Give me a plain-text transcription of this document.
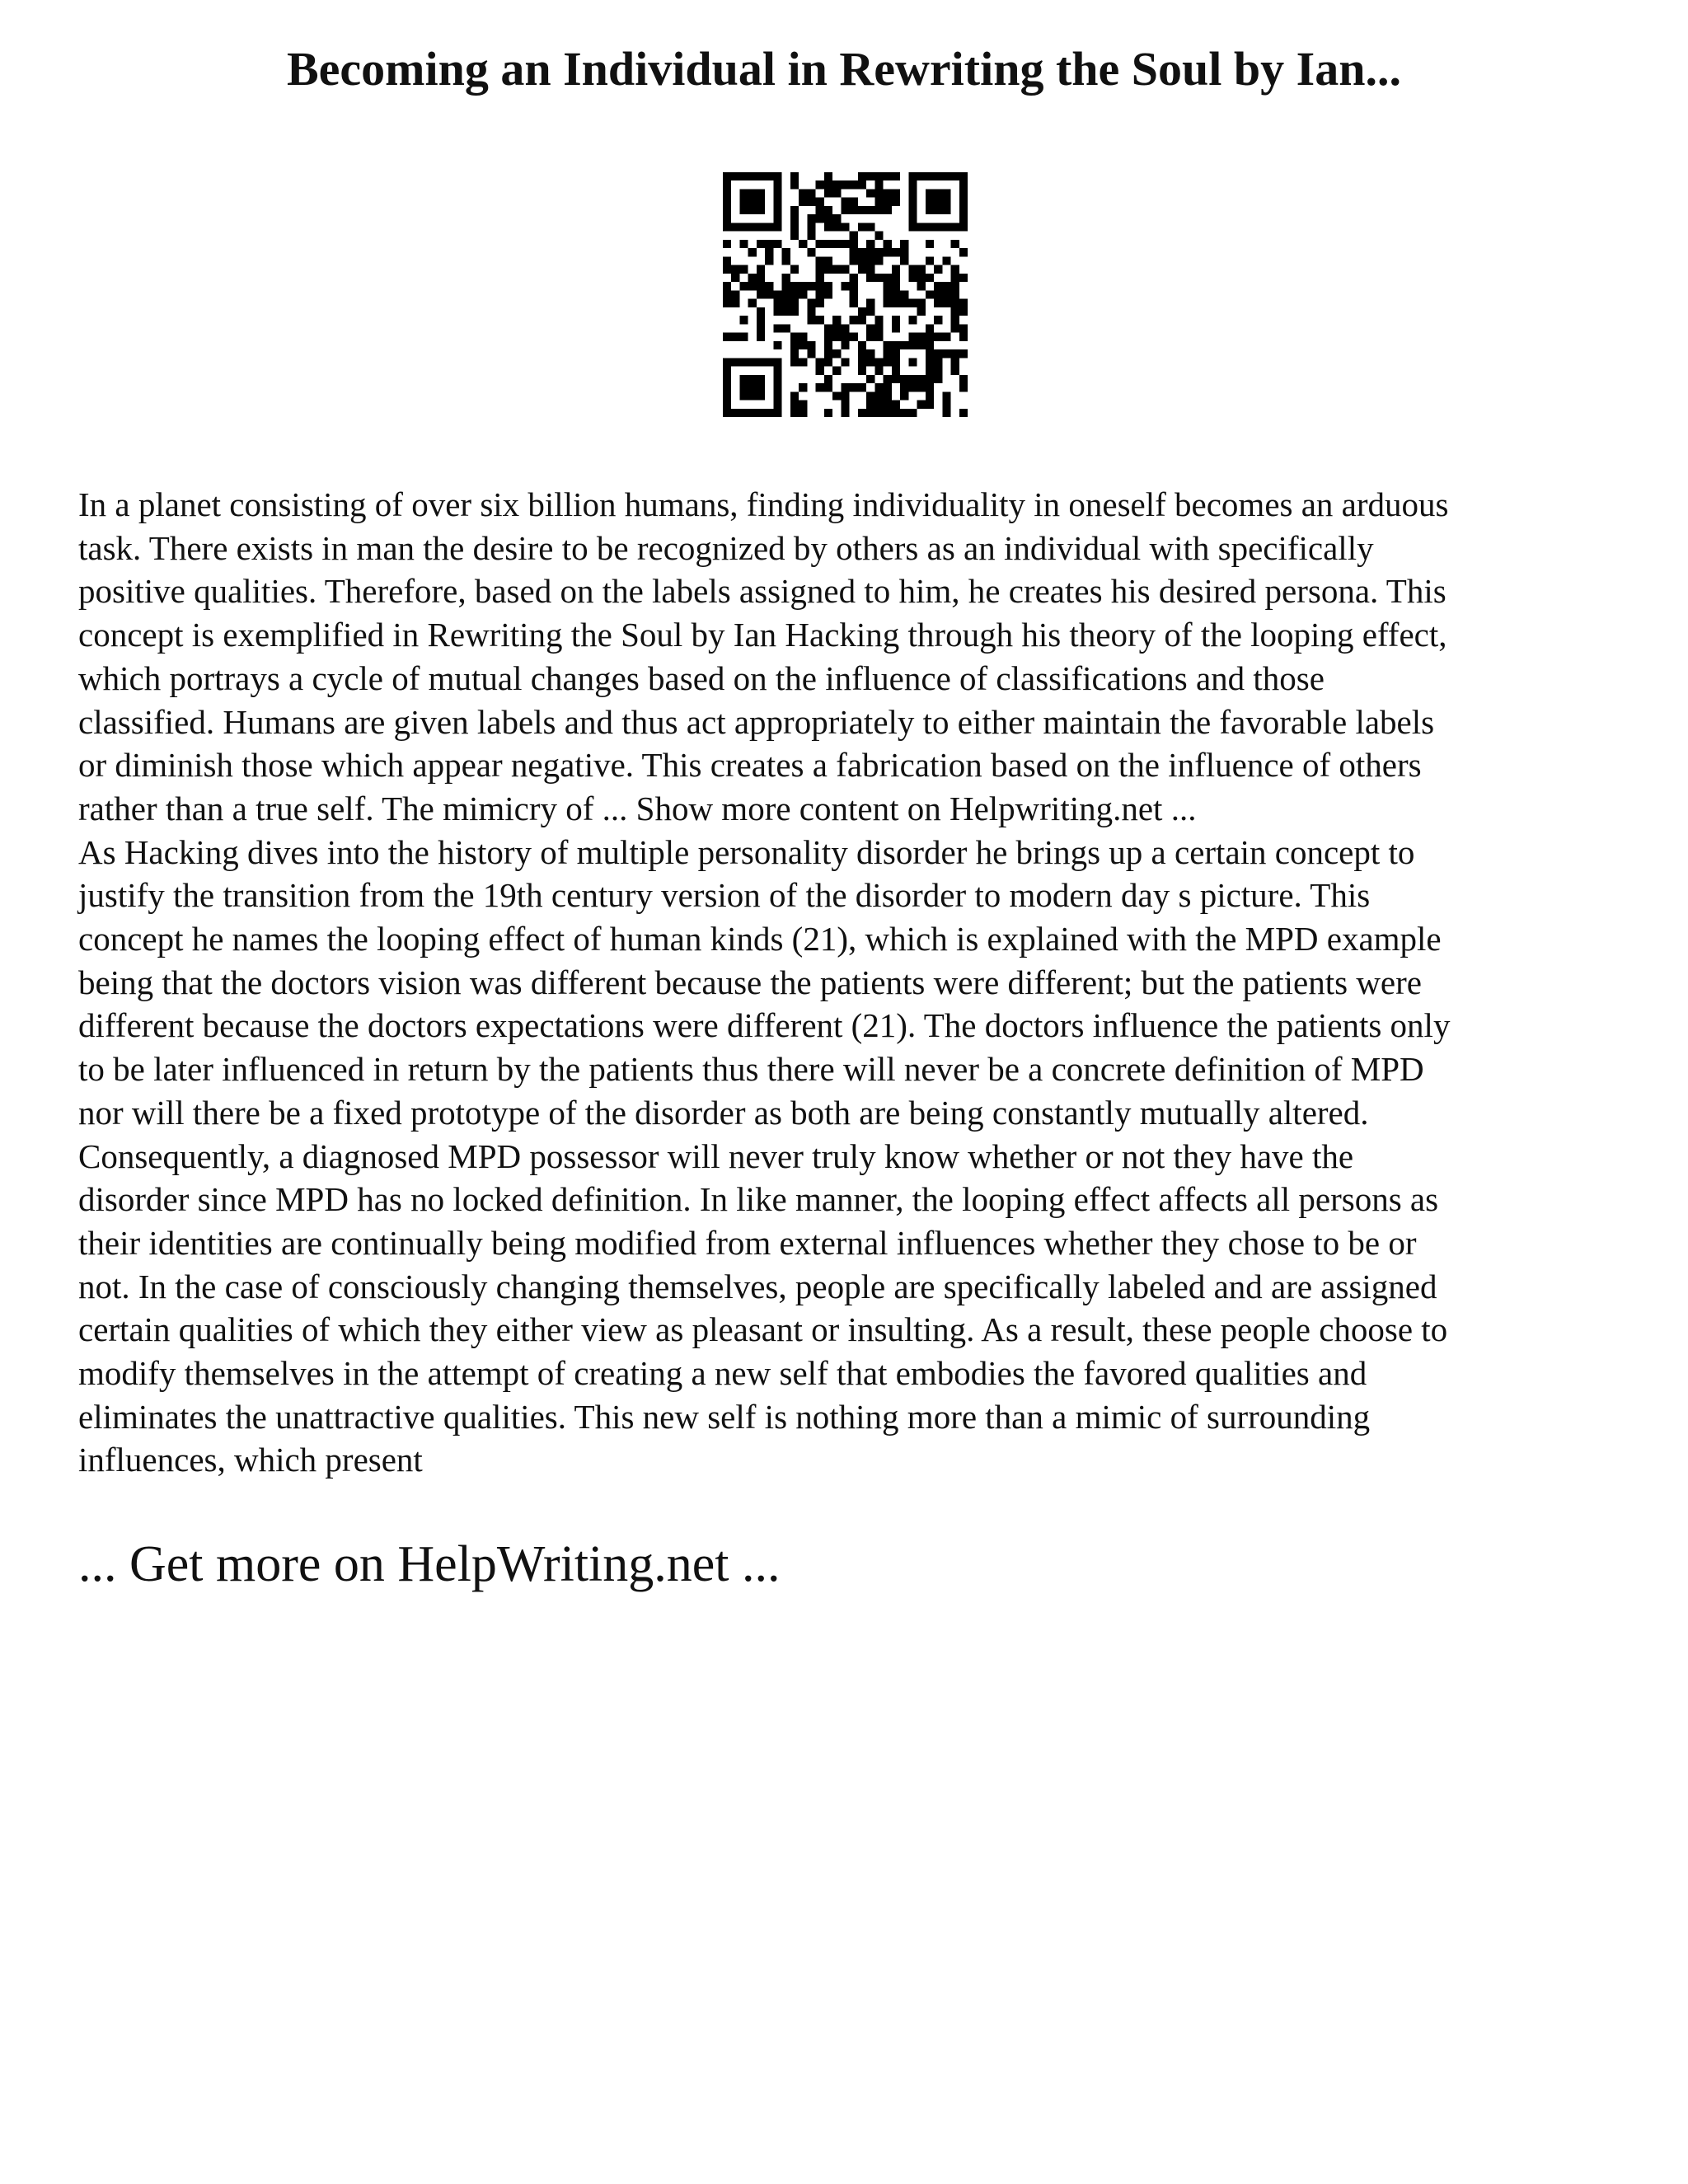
Becoming an Individual in Rewriting the Soul by Ian...
In a planet consisting of over six billion humans, finding individuality in oneself becomes an arduous
task. There exists in man the desire to be recognized by others as an individual with specifically
positive qualities. Therefore, based on the labels assigned to him, he creates his desired persona. This
concept is exemplified in Rewriting the Soul by Ian Hacking through his theory of the looping effect,
which portrays a cycle of mutual changes based on the influence of classifications and those
classified. Humans are given labels and thus act appropriately to either maintain the favorable labels
or diminish those which appear negative. This creates a fabrication based on the influence of others
rather than a true self. The mimicry of ... Show more content on Helpwriting.net ...
As Hacking dives into the history of multiple personality disorder he brings up a certain concept to
justify the transition from the 19th century version of the disorder to modern day s picture. This
concept he names the looping effect of human kinds (21), which is explained with the MPD example
being that the doctors vision was different because the patients were different; but the patients were
different because the doctors expectations were different (21). The doctors influence the patients only
to be later influenced in return by the patients thus there will never be a concrete definition of MPD
nor will there be a fixed prototype of the disorder as both are being constantly mutually altered.
Consequently, a diagnosed MPD possessor will never truly know whether or not they have the
disorder since MPD has no locked definition. In like manner, the looping effect affects all persons as
their identities are continually being modified from external influences whether they chose to be or
not. In the case of consciously changing themselves, people are specifically labeled and are assigned
certain qualities of which they either view as pleasant or insulting. As a result, these people choose to
modify themselves in the attempt of creating a new self that embodies the favored qualities and
eliminates the unattractive qualities. This new self is nothing more than a mimic of surrounding
influences, which present

... Get more on HelpWriting.net ...
